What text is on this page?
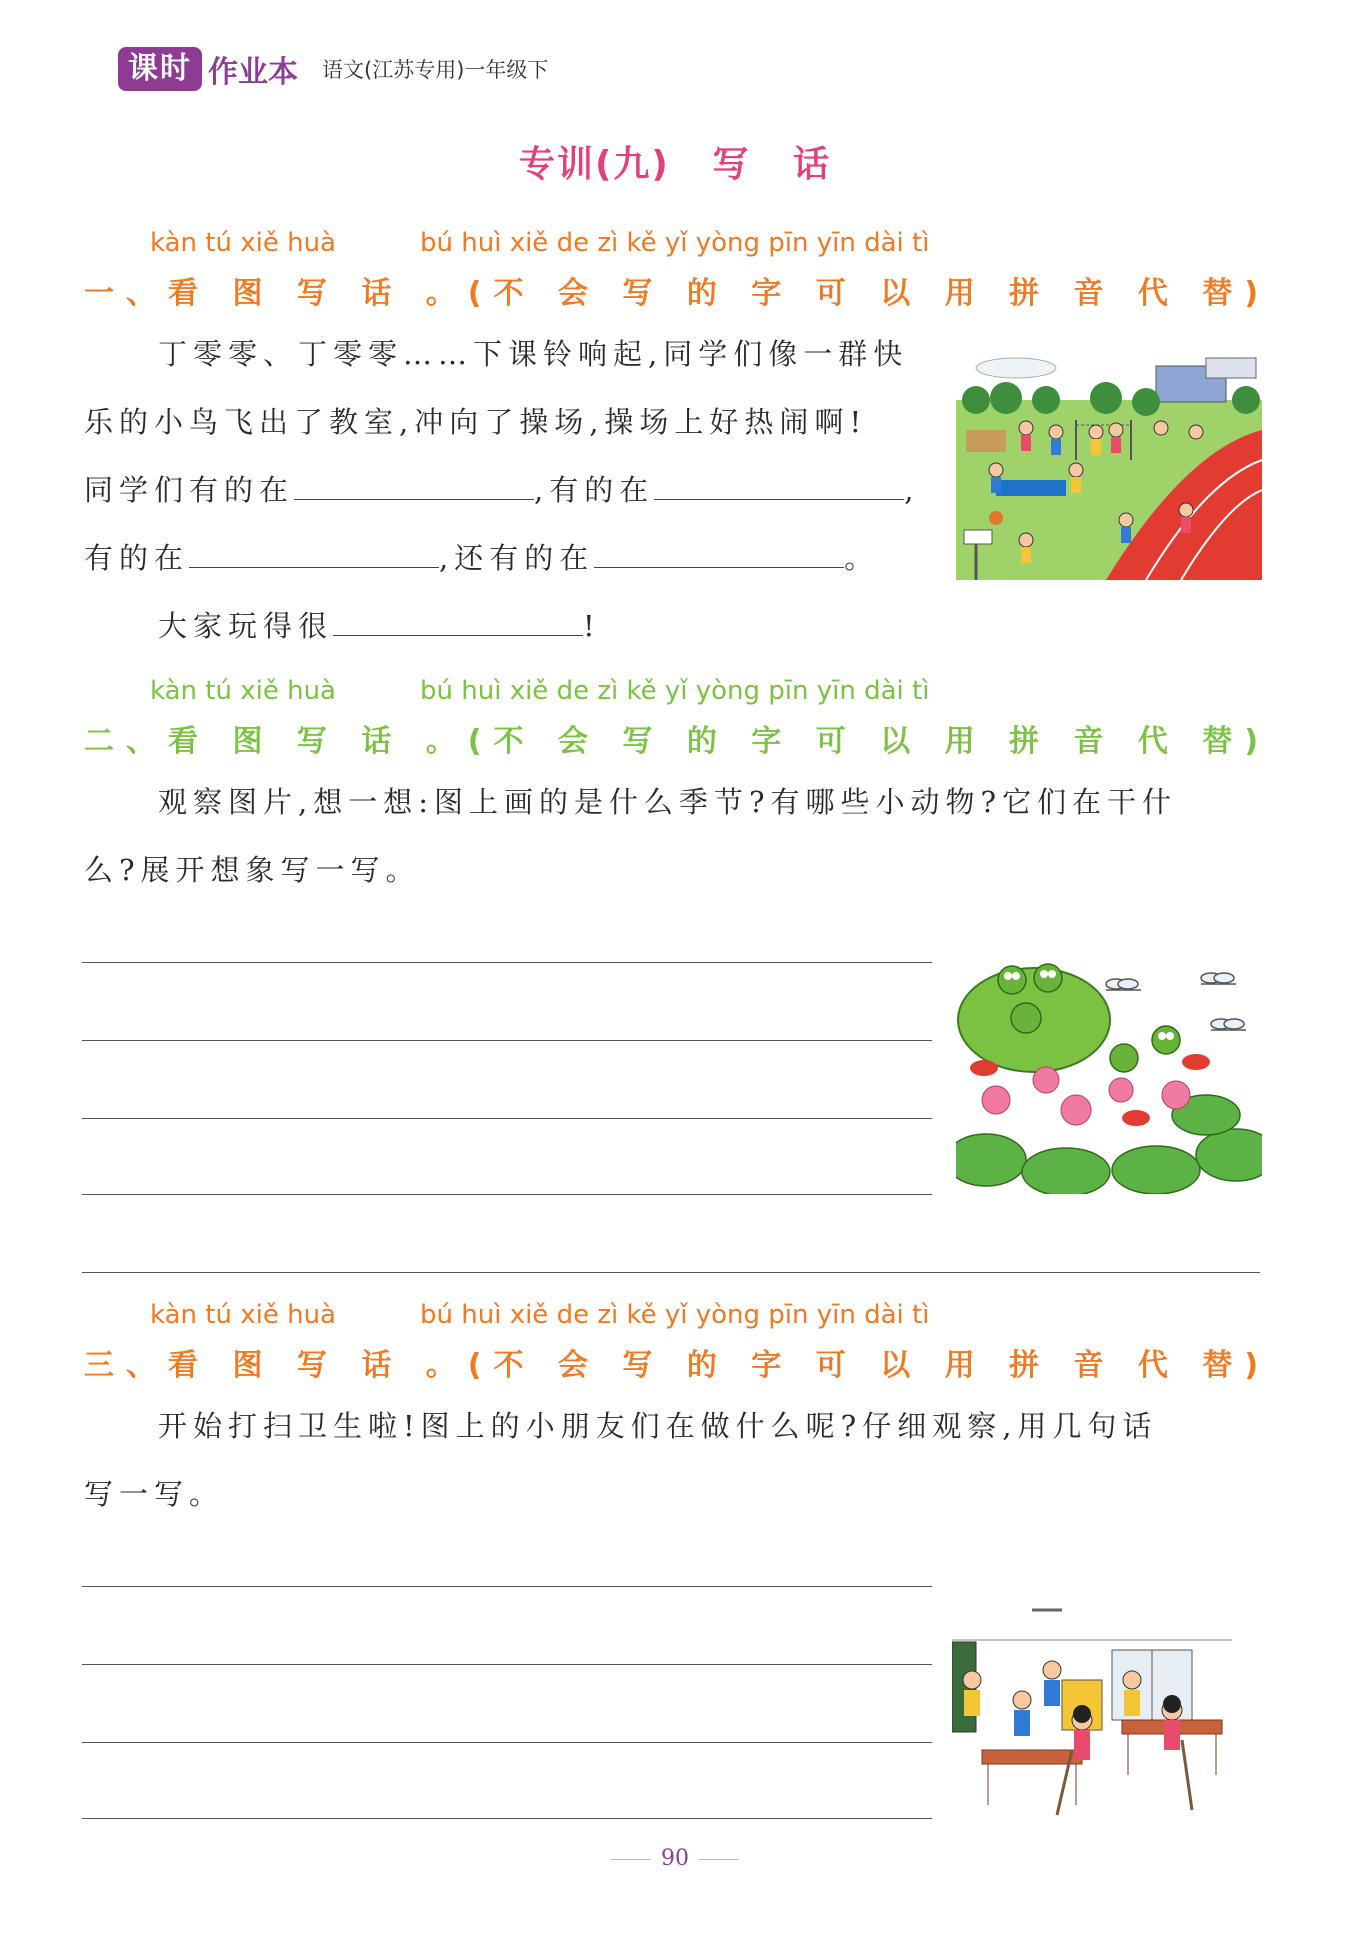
课时 作业本 语文(江苏专用)一年级下
专训(九) 写 话
kàn tú xiě huà	bú huì xiě de zì kě yǐ yòng pīn yīn dài tì
一、看 图 写 话 。(不 会 写 的 字 可 以 用 拼 音 代 替)
丁零零、丁零零……下课铃响起,同学们像一群快
乐的小鸟飞出了教室,冲向了操场,操场上好热闹啊!
同学们有的在	,有的在	,
有的在	,还有的在	。
大家玩得很	!
kàn tú xiě huà	bú huì xiě de zì kě yǐ yòng pīn yīn dài tì
二、看 图 写 话 。(不 会 写 的 字 可 以 用 拼 音 代 替)
观察图片,想一想:图上画的是什么季节?有哪些小动物?它们在干什
么?展开想象写一写。
kàn tú xiě huà	bú huì xiě de zì kě yǐ yòng pīn yīn dài tì
三、看 图 写 话 。(不 会 写 的 字 可 以 用 拼 音 代 替)
开始打扫卫生啦!图上的小朋友们在做什么呢?仔细观察,用几句话
写一写。
90
